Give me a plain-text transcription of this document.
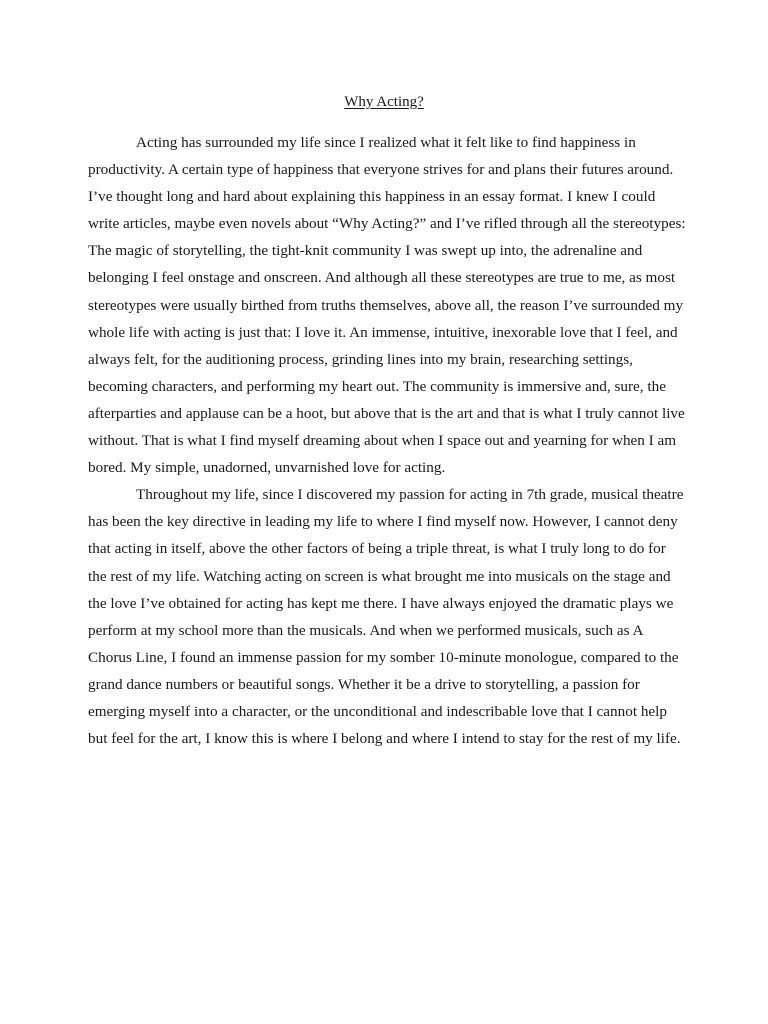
Why Acting?

Acting has surrounded my life since I realized what it felt like to find happiness in productivity. A certain type of happiness that everyone strives for and plans their futures around. I’ve thought long and hard about explaining this happiness in an essay format. I knew I could write articles, maybe even novels about “Why Acting?” and I’ve rifled through all the stereotypes: The magic of storytelling, the tight-knit community I was swept up into, the adrenaline and belonging I feel onstage and onscreen. And although all these stereotypes are true to me, as most stereotypes were usually birthed from truths themselves, above all, the reason I’ve surrounded my whole life with acting is just that: I love it. An immense, intuitive, inexorable love that I feel, and always felt, for the auditioning process, grinding lines into my brain, researching settings, becoming characters, and performing my heart out. The community is immersive and, sure, the afterparties and applause can be a hoot, but above that is the art and that is what I truly cannot live without. That is what I find myself dreaming about when I space out and yearning for when I am bored. My simple, unadorned, unvarnished love for acting.

Throughout my life, since I discovered my passion for acting in 7th grade, musical theatre has been the key directive in leading my life to where I find myself now. However, I cannot deny that acting in itself, above the other factors of being a triple threat, is what I truly long to do for the rest of my life. Watching acting on screen is what brought me into musicals on the stage and the love I’ve obtained for acting has kept me there. I have always enjoyed the dramatic plays we perform at my school more than the musicals. And when we performed musicals, such as A Chorus Line, I found an immense passion for my somber 10-minute monologue, compared to the grand dance numbers or beautiful songs. Whether it be a drive to storytelling, a passion for emerging myself into a character, or the unconditional and indescribable love that I cannot help but feel for the art, I know this is where I belong and where I intend to stay for the rest of my life.
